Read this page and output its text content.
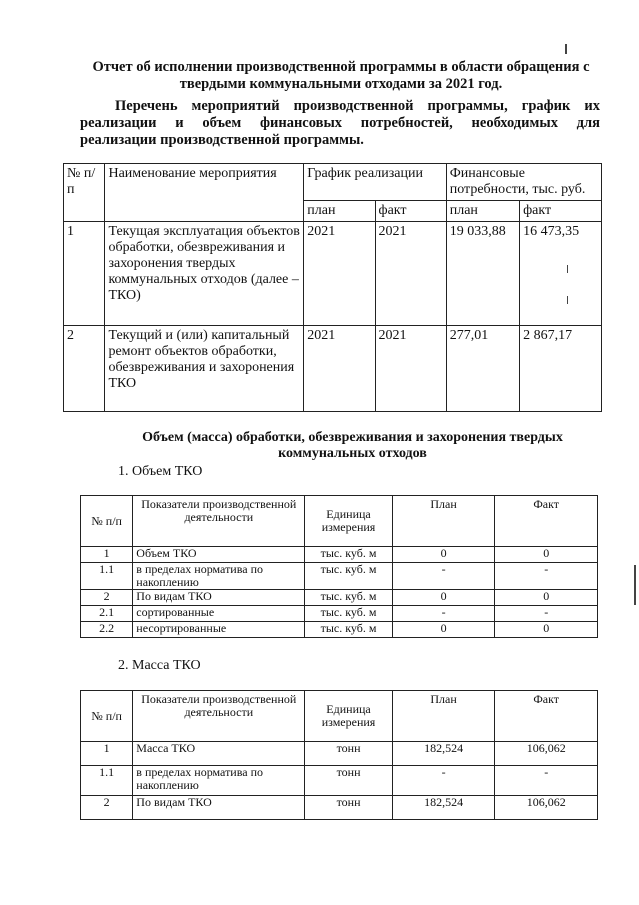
Отчет об исполнении производственной программы в области обращения с твердыми коммунальными отходами за 2021 год.
Перечень мероприятий производственной программы, график их
реализации и объем финансовых потребностей, необходимых для
реализации производственной программы.
№ п/п	Наименование мероприятия	График реализации		Финансовые потребности, тыс. руб.	
		план	факт	план	факт
1	Текущая эксплуатация объектов обработки, обезвреживания и захоронения твердых коммунальных отходов (далее – ТКО)	2021	2021	19 033,88	16 473,35
2	Текущий и (или) капитальный ремонт объектов обработки, обезвреживания и захоронения ТКО	2021	2021	277,01	2 867,17
Объем (масса) обработки, обезвреживания и захоронения твердых коммунальных отходов
1. Объем ТКО
№ п/п	Показатели производственной деятельности	Единица измерения	План	Факт
1	Объем ТКО	тыс. куб. м	0	0
1.1	в пределах норматива по накоплению	тыс. куб. м	-	-
2	По видам ТКО	тыс. куб. м	0	0
2.1	сортированные	тыс. куб. м	-	-
2.2	несортированные	тыс. куб. м	0	0
2. Масса ТКО
№ п/п	Показатели производственной деятельности	Единица измерения	План	Факт
1	Масса ТКО	тонн	182,524	106,062
1.1	в пределах норматива по накоплению	тонн	-	-
2	По видам ТКО	тонн	182,524	106,062
